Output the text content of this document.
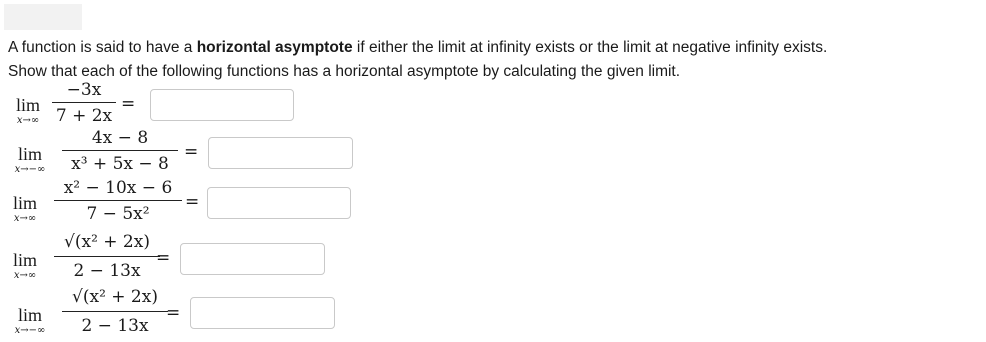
A function is said to have a horizontal asymptote if either the limit at infinity exists or the limit at negative infinity exists.
Show that each of the following functions has a horizontal asymptote by calculating the given limit.
lim
x→∞
−3x
7 + 2x
=
lim
x→−∞
4x − 8
x³ + 5x − 8
=
lim
x→∞
x² − 10x − 6
7 − 5x²
=
lim
x→∞
√(x² + 2x)
2 − 13x
=
lim
x→−∞
√(x² + 2x)
2 − 13x
=
